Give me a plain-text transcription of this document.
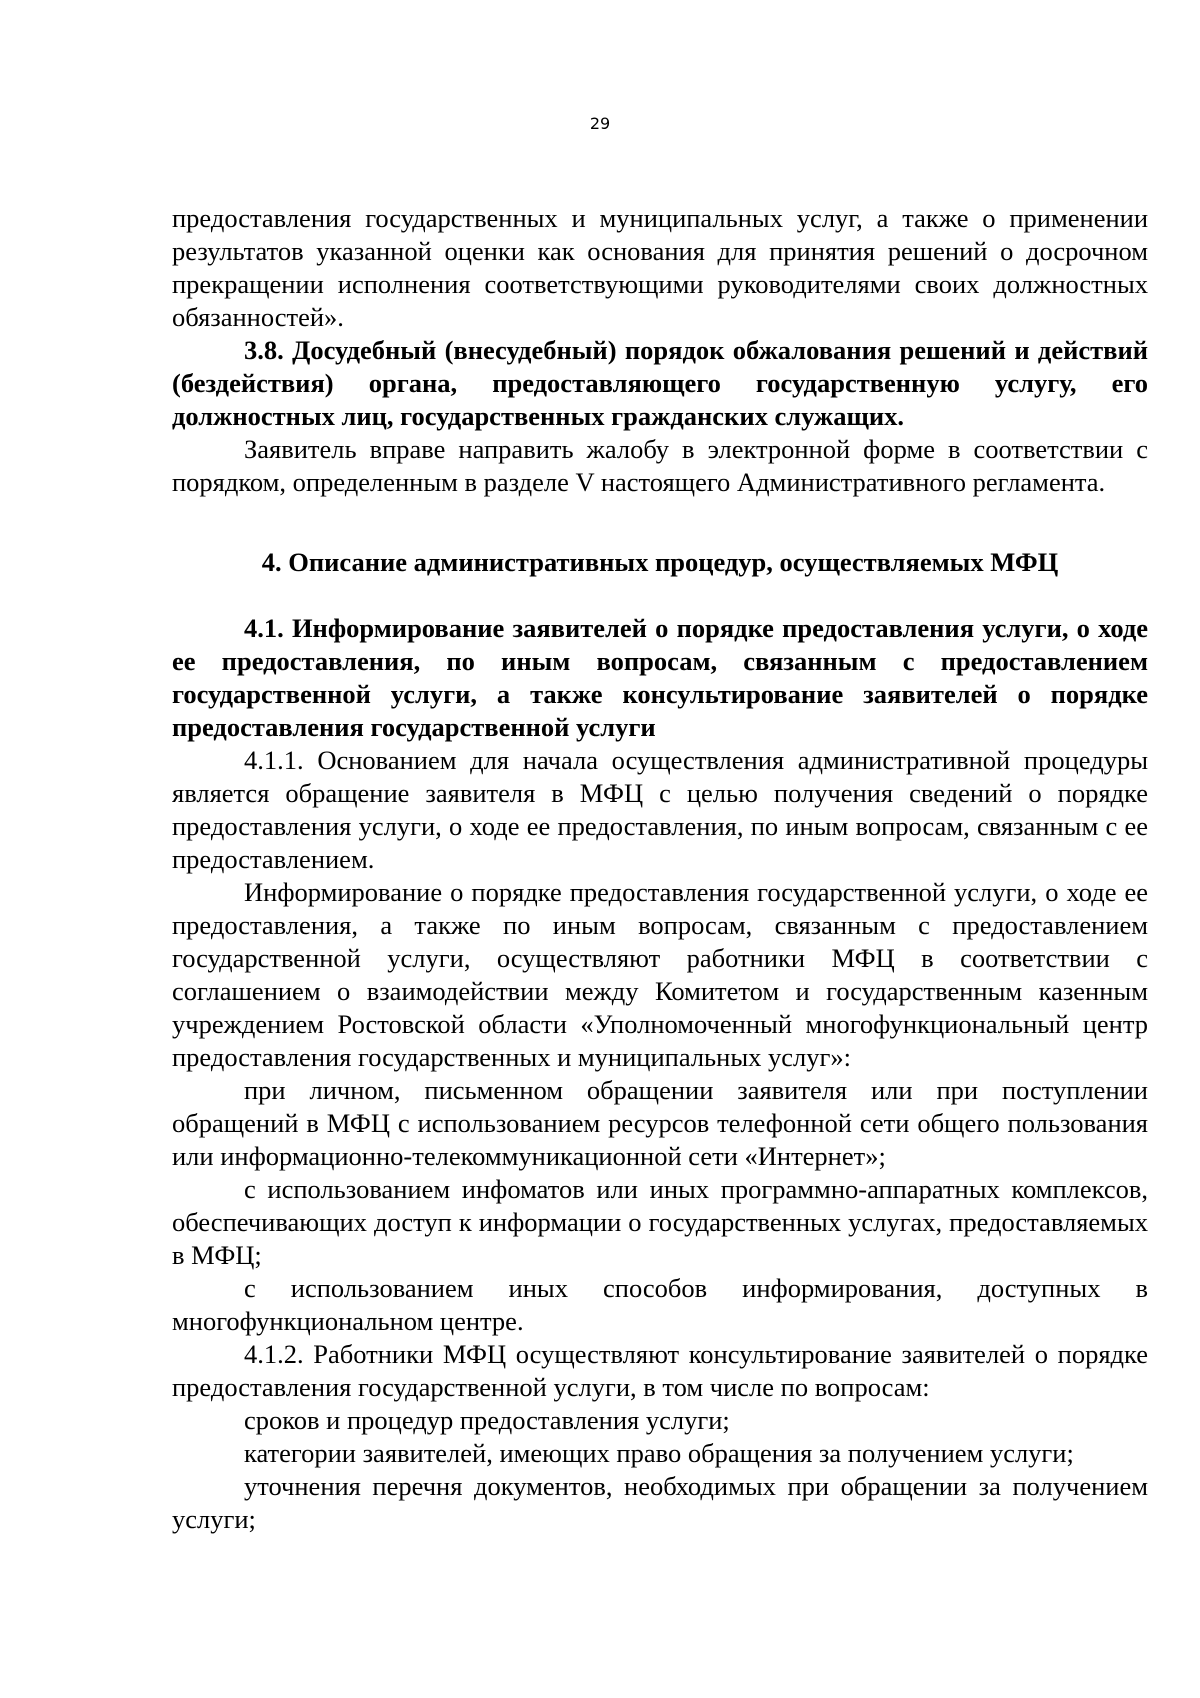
29

предоставления государственных и муниципальных услуг, а также о применении результатов указанной оценки как основания для принятия решений о досрочном прекращении исполнения соответствующими руководителями своих должностных обязанностей».

3.8. Досудебный (внесудебный) порядок обжалования решений и действий (бездействия) органа, предоставляющего государственную услугу, его должностных лиц, государственных гражданских служащих.

Заявитель вправе направить жалобу в электронной форме в соответствии с порядком, определенным в разделе V настоящего Административного регламента.

4. Описание административных процедур, осуществляемых МФЦ

4.1. Информирование заявителей о порядке предоставления услуги, о ходе ее предоставления, по иным вопросам, связанным с предоставлением государственной услуги, а также консультирование заявителей о порядке предоставления государственной услуги

4.1.1. Основанием для начала осуществления административной процедуры является обращение заявителя в МФЦ с целью получения сведений о порядке предоставления услуги, о ходе ее предоставления, по иным вопросам, связанным с ее предоставлением.

Информирование о порядке предоставления государственной услуги, о ходе ее предоставления, а также по иным вопросам, связанным с предоставлением государственной услуги, осуществляют работники МФЦ в соответствии с соглашением о взаимодействии между Комитетом и государственным казенным учреждением Ростовской области «Уполномоченный многофункциональный центр предоставления государственных и муниципальных услуг»:

при личном, письменном обращении заявителя или при поступлении обращений в МФЦ с использованием ресурсов телефонной сети общего пользования или информационно-телекоммуникационной сети «Интернет»;

с использованием инфоматов или иных программно-аппаратных комплексов, обеспечивающих доступ к информации о государственных услугах, предоставляемых в МФЦ;

с использованием иных способов информирования, доступных в многофункциональном центре.

4.1.2. Работники МФЦ осуществляют консультирование заявителей о порядке предоставления государственной услуги, в том числе по вопросам:

сроков и процедур предоставления услуги;

категории заявителей, имеющих право обращения за получением услуги;

уточнения перечня документов, необходимых при обращении за получением услуги;
